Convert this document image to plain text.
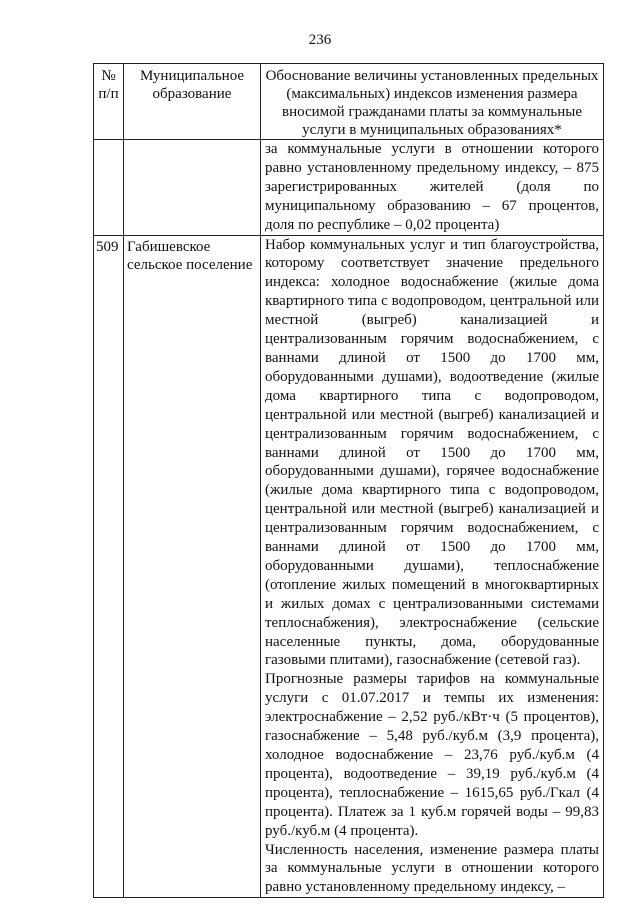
236
№ п/п	Муниципальное образование	Обоснование величины установленных предельных (максимальных) индексов изменения размера вносимой гражданами платы за коммунальные услуги в муниципальных образованиях*

		за коммунальные услуги в отношении которого равно установленному предельному индексу, – 875 зарегистрированных жителей (доля по муниципальному образованию – 67 процентов, доля по республике – 0,02 процента)

509	Габишевское сельское поселение	Набор коммунальных услуг и тип благоустройства, которому соответствует значение предельного индекса: холодное водоснабжение (жилые дома квартирного типа с водопроводом, центральной или местной (выгреб) канализацией и централизованным горячим водоснабжением, с ваннами длиной от 1500 до 1700 мм, оборудованными душами), водоотведение (жилые дома квартирного типа с водопроводом, центральной или местной (выгреб) канализацией и централизованным горячим водоснабжением, с ваннами длиной от 1500 до 1700 мм, оборудованными душами), горячее водоснабжение (жилые дома квартирного типа с водопроводом, центральной или местной (выгреб) канализацией и централизованным горячим водоснабжением, с ваннами длиной от 1500 до 1700 мм, оборудованными душами), теплоснабжение (отопление жилых помещений в многоквартирных и жилых домах с централизованными системами теплоснабжения), электроснабжение (сельские населенные пункты, дома, оборудованные газовыми плитами), газоснабжение (сетевой газ).

Прогнозные размеры тарифов на коммунальные услуги с 01.07.2017 и темпы их изменения: электроснабжение – 2,52 руб./кВт·ч (5 процентов), газоснабжение – 5,48 руб./куб.м (3,9 процента), холодное водоснабжение – 23,76 руб./куб.м (4 процента), водоотведение – 39,19 руб./куб.м (4 процента), теплоснабжение – 1615,65 руб./Гкал (4 процента). Платеж за 1 куб.м горячей воды – 99,83 руб./куб.м (4 процента).

Численность населения, изменение размера платы за коммунальные услуги в отношении которого равно установленному предельному индексу, –
